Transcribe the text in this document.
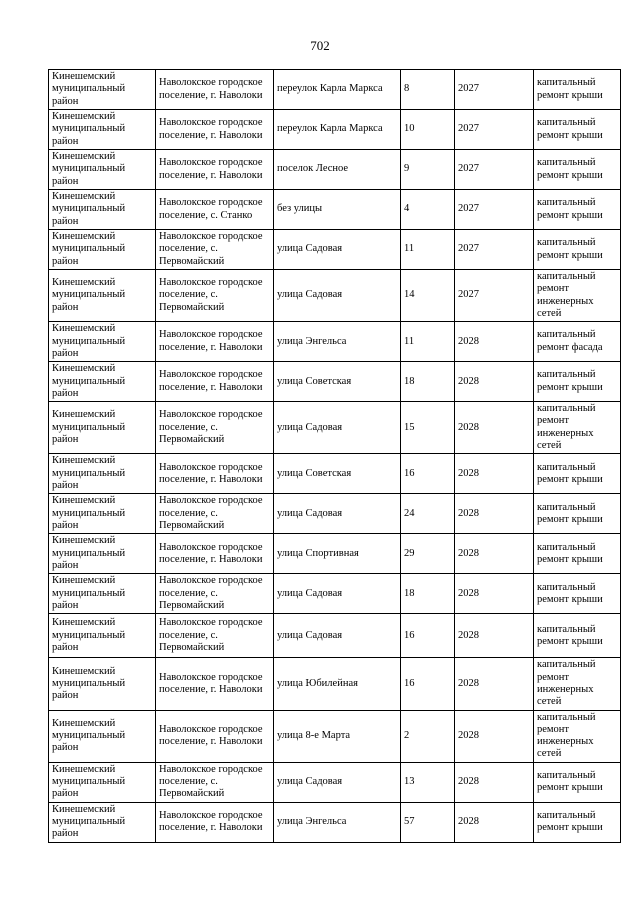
702
Кинешемский муниципальный район	Наволокское городское поселение, г. Наволоки	переулок Карла Маркса	8	2027	капитальный ремонт крыши
Кинешемский муниципальный район	Наволокское городское поселение, г. Наволоки	переулок Карла Маркса	10	2027	капитальный ремонт крыши
Кинешемский муниципальный район	Наволокское городское поселение, г. Наволоки	поселок Лесное	9	2027	капитальный ремонт крыши
Кинешемский муниципальный район	Наволокское городское поселение, с. Станко	без улицы	4	2027	капитальный ремонт крыши
Кинешемский муниципальный район	Наволокское городское поселение, с. Первомайский	улица Садовая	11	2027	капитальный ремонт крыши
Кинешемский муниципальный район	Наволокское городское поселение, с. Первомайский	улица Садовая	14	2027	капитальный ремонт инженерных сетей
Кинешемский муниципальный район	Наволокское городское поселение, г. Наволоки	улица Энгельса	11	2028	капитальный ремонт фасада
Кинешемский муниципальный район	Наволокское городское поселение, г. Наволоки	улица Советская	18	2028	капитальный ремонт крыши
Кинешемский муниципальный район	Наволокское городское поселение, с. Первомайский	улица Садовая	15	2028	капитальный ремонт инженерных сетей
Кинешемский муниципальный район	Наволокское городское поселение, г. Наволоки	улица Советская	16	2028	капитальный ремонт крыши
Кинешемский муниципальный район	Наволокское городское поселение, с. Первомайский	улица Садовая	24	2028	капитальный ремонт крыши
Кинешемский муниципальный район	Наволокское городское поселение, г. Наволоки	улица Спортивная	29	2028	капитальный ремонт крыши
Кинешемский муниципальный район	Наволокское городское поселение, с. Первомайский	улица Садовая	18	2028	капитальный ремонт крыши
Кинешемский муниципальный район	Наволокское городское поселение, с. Первомайский	улица Садовая	16	2028	капитальный ремонт крыши
Кинешемский муниципальный район	Наволокское городское поселение, г. Наволоки	улица Юбилейная	16	2028	капитальный ремонт инженерных сетей
Кинешемский муниципальный район	Наволокское городское поселение, г. Наволоки	улица 8-е Марта	2	2028	капитальный ремонт инженерных сетей
Кинешемский муниципальный район	Наволокское городское поселение, с. Первомайский	улица Садовая	13	2028	капитальный ремонт крыши
Кинешемский муниципальный район	Наволокское городское поселение, г. Наволоки	улица Энгельса	57	2028	капитальный ремонт крыши
